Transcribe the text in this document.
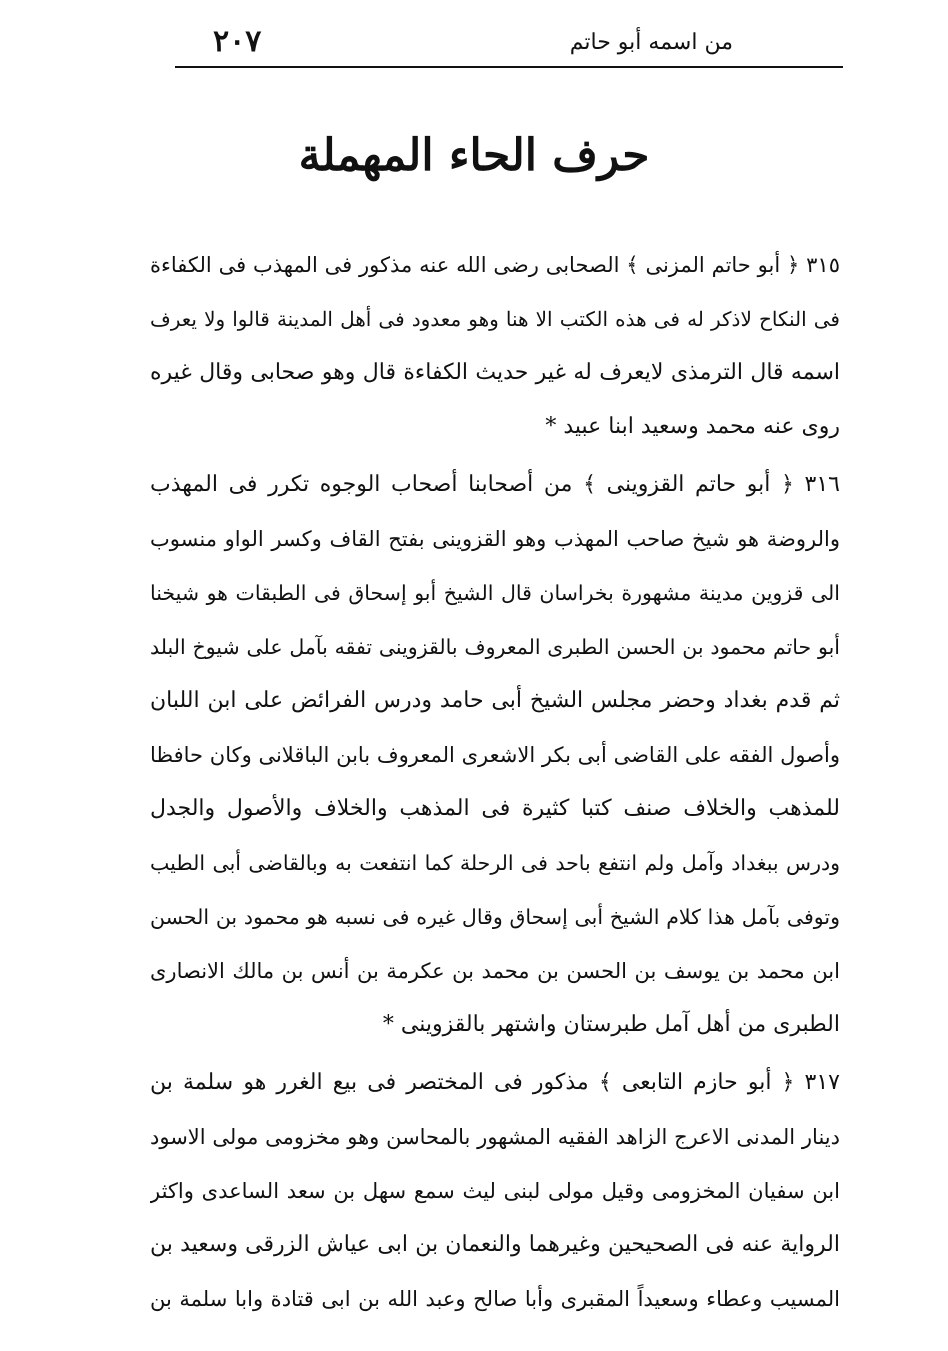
من اسمه أبو حاتم
٢٠٧
حرف الحاء المهملة
٣١٥ ﴿ أبو حاتم المزنى ﴾ الصحابى رضى الله عنه مذكور فى المهذب فى الكفاءة
فى النكاح لاذكر له فى هذه الكتب الا هنا وهو معدود فى أهل المدينة قالوا ولا يعرف
اسمه قال الترمذى لايعرف له غير حديث الكفاءة قال وهو صحابى وقال غيره
روى عنه محمد وسعيد ابنا عبيد *
٣١٦ ﴿ أبو حاتم القزوينى ﴾ من أصحابنا أصحاب الوجوه تكرر فى المهذب
والروضة هو شيخ صاحب المهذب وهو القزوينى بفتح القاف وكسر الواو منسوب
الى قزوين مدينة مشهورة بخراسان قال الشيخ أبو إسحاق فى الطبقات هو شيخنا
أبو حاتم محمود بن الحسن الطبرى المعروف بالقزوينى تفقه بآمل على شيوخ البلد
ثم قدم بغداد وحضر مجلس الشيخ أبى حامد ودرس الفرائض على ابن اللبان
وأصول الفقه على القاضى أبى بكر الاشعرى المعروف بابن الباقلانى وكان حافظا
للمذهب والخلاف صنف كتبا كثيرة فى المذهب والخلاف والأصول والجدل
ودرس ببغداد وآمل ولم انتفع باحد فى الرحلة كما انتفعت به وبالقاضى أبى الطيب
وتوفى بآمل هذا كلام الشيخ أبى إسحاق وقال غيره فى نسبه هو محمود بن الحسن
ابن محمد بن يوسف بن الحسن بن محمد بن عكرمة بن أنس بن مالك الانصارى
الطبرى من أهل آمل طبرستان واشتهر بالقزوينى *
٣١٧ ﴿ أبو حازم التابعى ﴾ مذكور فى المختصر فى بيع الغرر هو سلمة بن
دينار المدنى الاعرج الزاهد الفقيه المشهور بالمحاسن وهو مخزومى مولى الاسود
ابن سفيان المخزومى وقيل مولى لبنى ليث سمع سهل بن سعد الساعدى واكثر
الرواية عنه فى الصحيحين وغيرهما والنعمان بن ابى عياش الزرقى وسعيد بن
المسيب وعطاء وسعيداً المقبرى وأبا صالح وعبد الله بن ابى قتادة وابا سلمة بن
